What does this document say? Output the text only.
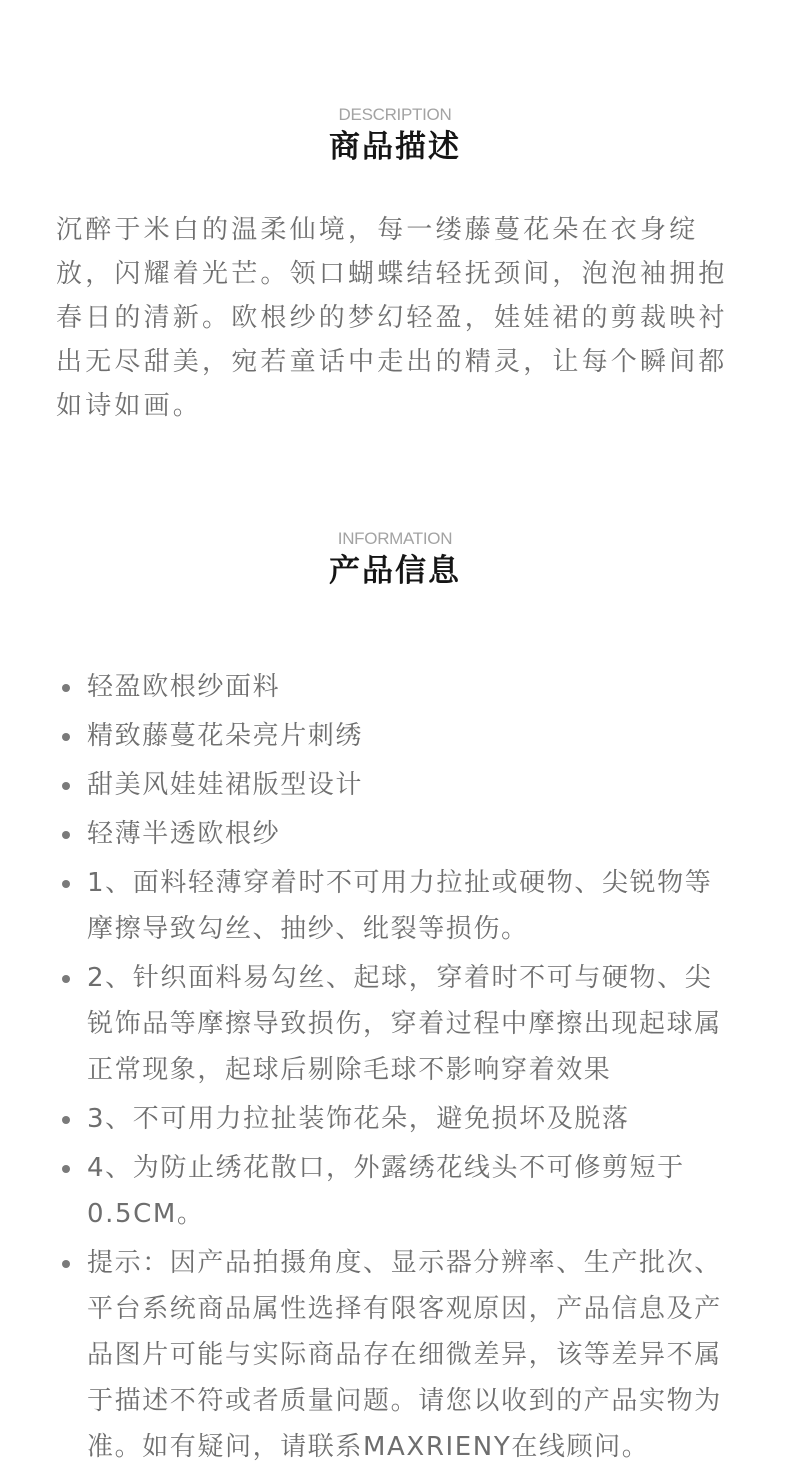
DESCRIPTION
商品描述

沉醉于米白的温柔仙境，每一缕藤蔓花朵在衣身绽放，闪耀着光芒。领口蝴蝶结轻抚颈间，泡泡袖拥抱春日的清新。欧根纱的梦幻轻盈，娃娃裙的剪裁映衬出无尽甜美，宛若童话中走出的精灵，让每个瞬间都如诗如画。

INFORMATION
产品信息
轻盈欧根纱面料
精致藤蔓花朵亮片刺绣
甜美风娃娃裙版型设计
轻薄半透欧根纱
1、面料轻薄穿着时不可用力拉扯或硬物、尖锐物等摩擦导致勾丝、抽纱、纰裂等损伤。
2、针织面料易勾丝、起球，穿着时不可与硬物、尖锐饰品等摩擦导致损伤，穿着过程中摩擦出现起球属正常现象，起球后剔除毛球不影响穿着效果
3、不可用力拉扯装饰花朵，避免损坏及脱落
4、为防止绣花散口，外露绣花线头不可修剪短于0.5CM。
提示：因产品拍摄角度、显示器分辨率、生产批次、平台系统商品属性选择有限客观原因，产品信息及产品图片可能与实际商品存在细微差异，该等差异不属于描述不符或者质量问题。请您以收到的产品实物为准。如有疑问，请联系MAXRIENY在线顾问。
